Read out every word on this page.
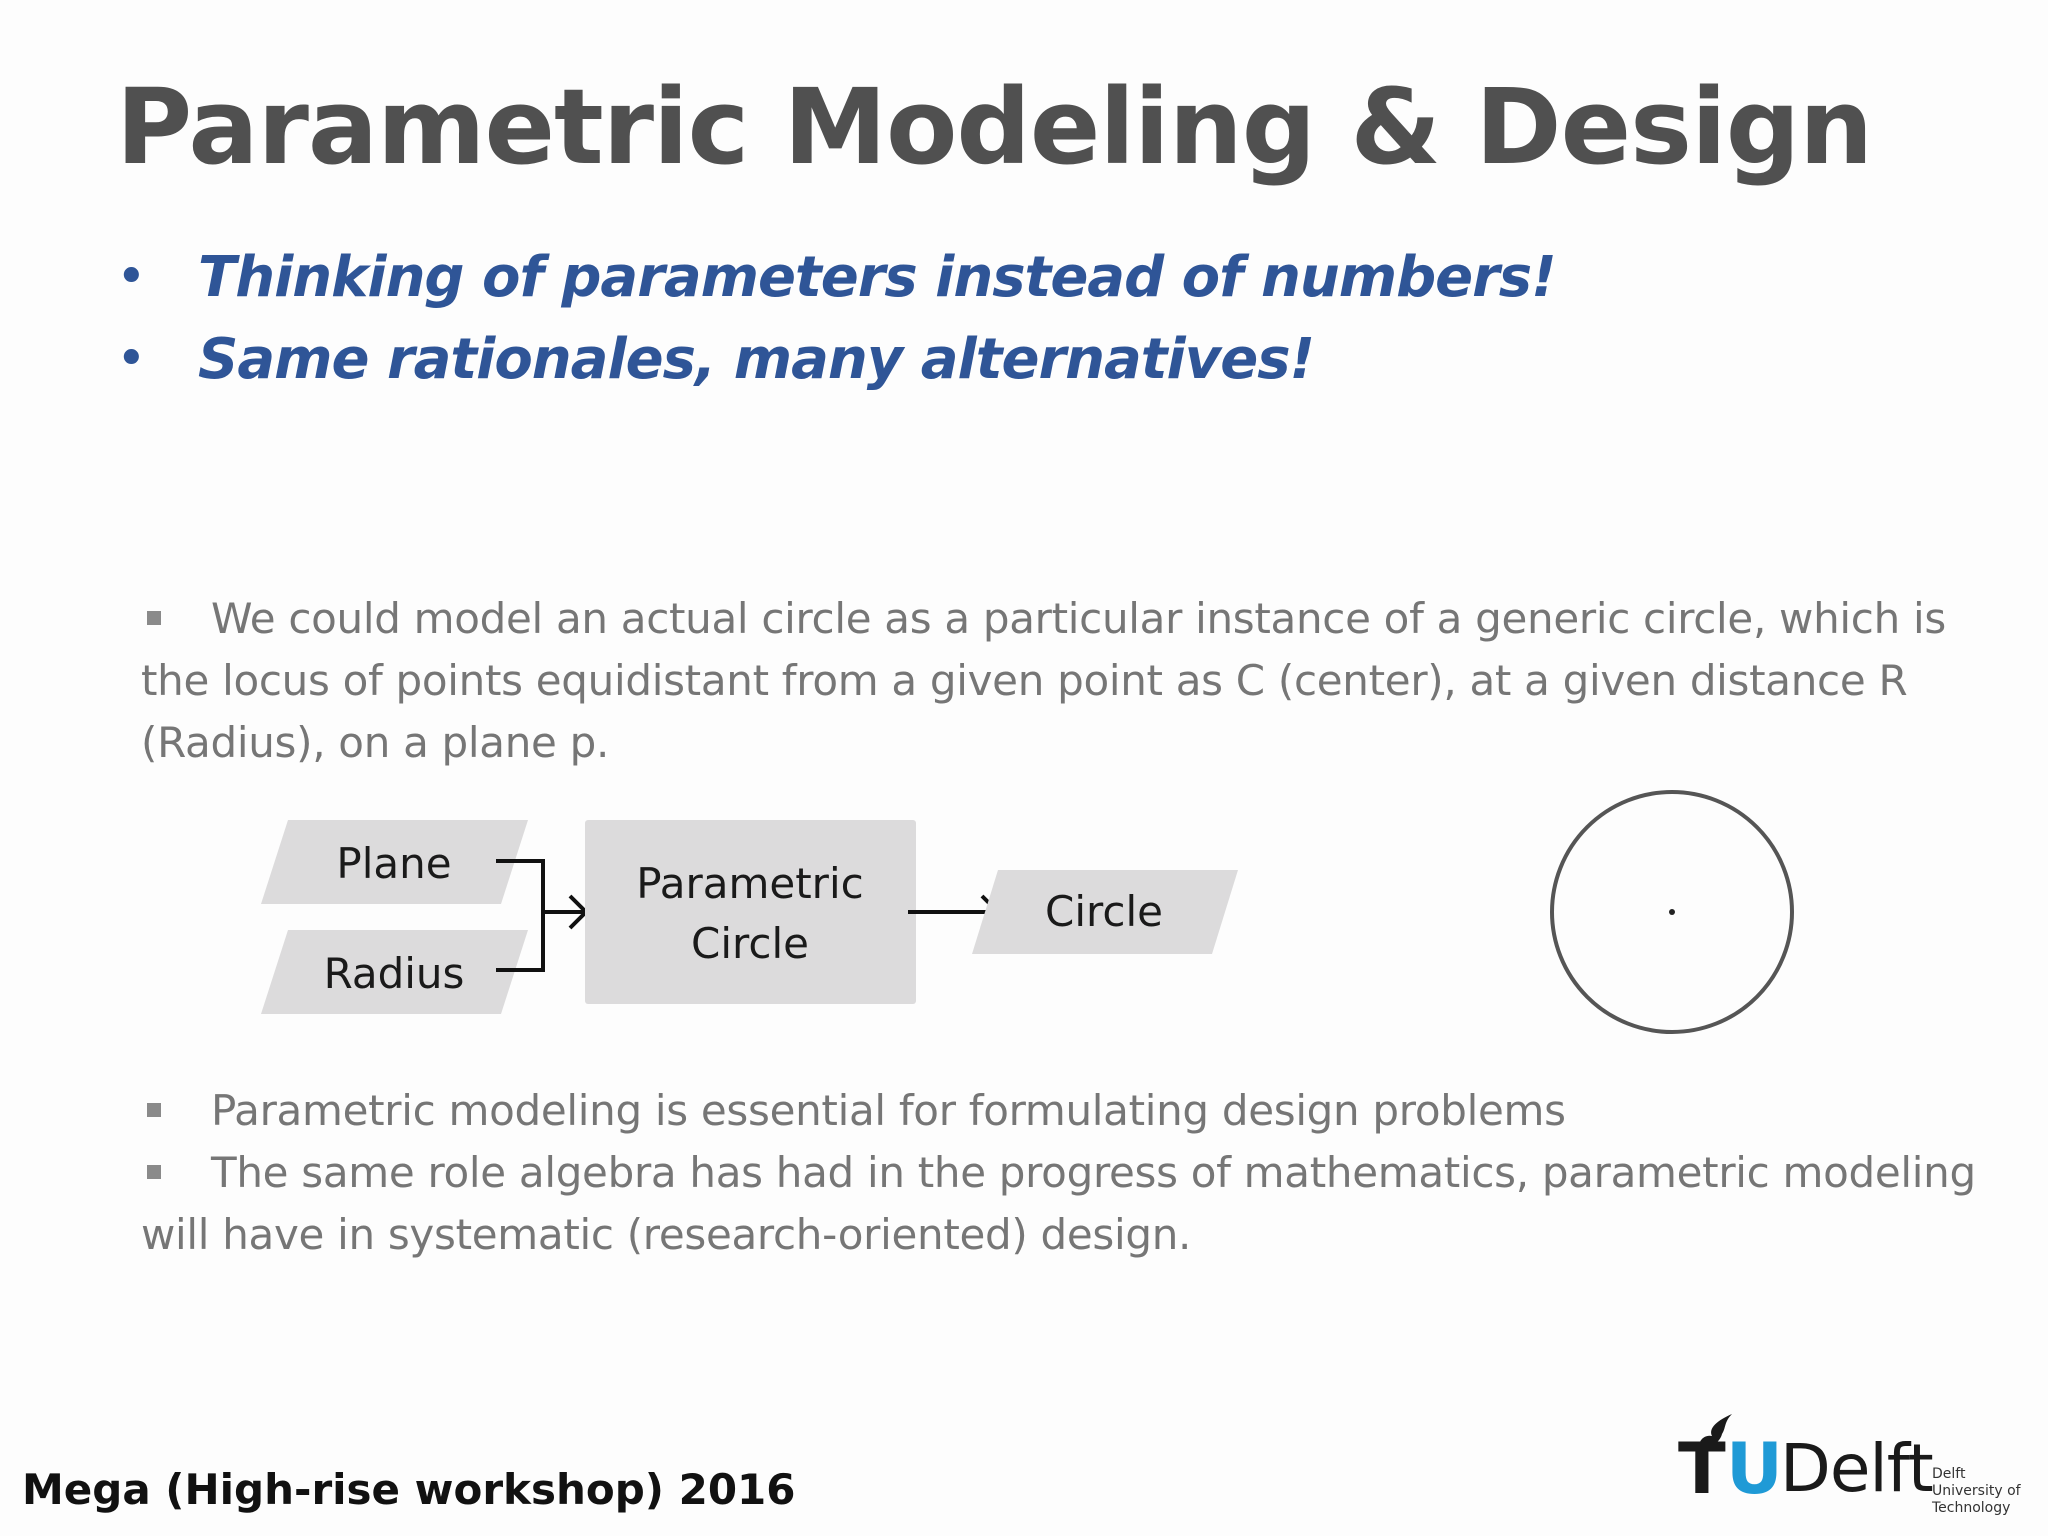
Parametric Modeling & Design
• Thinking of parameters instead of numbers!
• Same rationales, many alternatives!
We could model an actual circle as a particular instance of a generic circle, which is the locus of points equidistant from a given point as C (center), at a given distance R (Radius), on a plane p.
Plane
Radius
Parametric
Circle
Circle
Parametric modeling is essential for formulating design problems
The same role algebra has had in the progress of mathematics, parametric modeling will have in systematic (research-oriented) design.
Mega (High-rise workshop) 2016	T U
Delft Delft
University of
Technology
